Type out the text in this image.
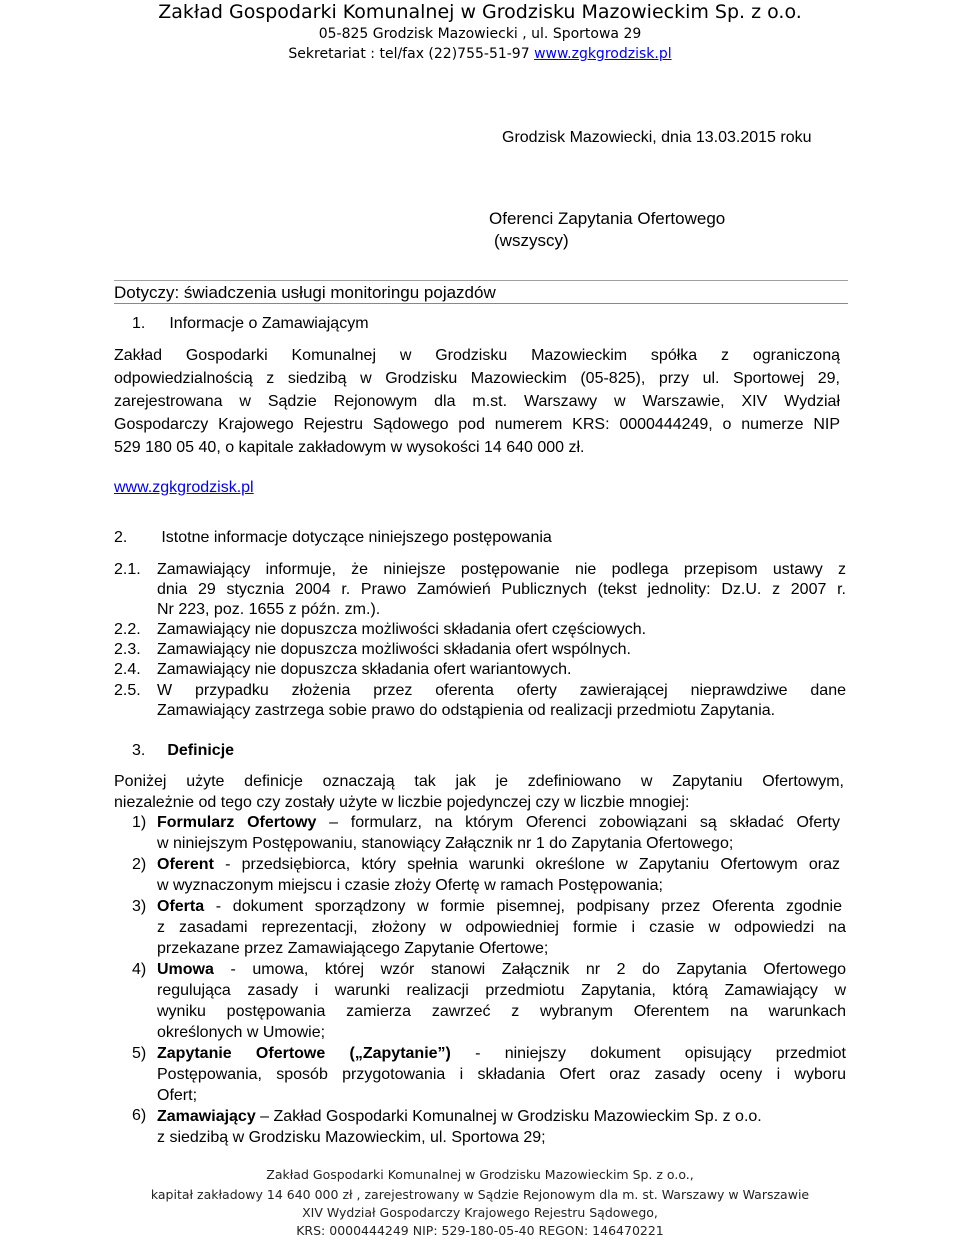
Zakład Gospodarki Komunalnej w Grodzisku Mazowieckim Sp. z o.o.
05-825 Grodzisk Mazowiecki , ul. Sportowa 29
Sekretariat : tel/fax (22)755-51-97 www.zgkgrodzisk.pl
Grodzisk Mazowiecki, dnia 13.03.2015 roku
Oferenci Zapytania Ofertowego
(wszyscy)
Dotyczy: świadczenia usługi monitoringu pojazdów
1. Informacje o Zamawiającym
Zakład Gospodarki Komunalnej w Grodzisku Mazowieckim spółka z ograniczoną
odpowiedzialnością z siedzibą w Grodzisku Mazowieckim (05-825), przy ul. Sportowej 29,
zarejestrowana w Sądzie Rejonowym dla m.st. Warszawy w Warszawie, XIV Wydział
Gospodarczy Krajowego Rejestru Sądowego pod numerem KRS: 0000444249, o numerze NIP
529 180 05 40, o kapitale zakładowym w wysokości 14 640 000 zł.
www.zgkgrodzisk.pl
2. Istotne informacje dotyczące niniejszego postępowania
2.1. Zamawiający informuje, że niniejsze postępowanie nie podlega przepisom ustawy z
dnia 29 stycznia 2004 r. Prawo Zamówień Publicznych (tekst jednolity: Dz.U. z 2007 r.
Nr 223, poz. 1655 z późn. zm.).
2.2. Zamawiający nie dopuszcza możliwości składania ofert częściowych.
2.3. Zamawiający nie dopuszcza możliwości składania ofert wspólnych.
2.4. Zamawiający nie dopuszcza składania ofert wariantowych.
2.5. W przypadku złożenia przez oferenta oferty zawierającej nieprawdziwe dane
Zamawiający zastrzega sobie prawo do odstąpienia od realizacji przedmiotu Zapytania.
3. Definicje
Poniżej użyte definicje oznaczają tak jak je zdefiniowano w Zapytaniu Ofertowym,
niezależnie od tego czy zostały użyte w liczbie pojedynczej czy w liczbie mnogiej:
1) Formularz Ofertowy – formularz, na którym Oferenci zobowiązani są składać Oferty
w niniejszym Postępowaniu, stanowiący Załącznik nr 1 do Zapytania Ofertowego;
2) Oferent - przedsiębiorca, który spełnia warunki określone w Zapytaniu Ofertowym oraz
w wyznaczonym miejscu i czasie złoży Ofertę w ramach Postępowania;
3) Oferta - dokument sporządzony w formie pisemnej, podpisany przez Oferenta zgodnie
z zasadami reprezentacji, złożony w odpowiedniej formie i czasie w odpowiedzi na
przekazane przez Zamawiającego Zapytanie Ofertowe;
4) Umowa - umowa, której wzór stanowi Załącznik nr 2 do Zapytania Ofertowego
regulująca zasady i warunki realizacji przedmiotu Zapytania, którą Zamawiający w
wyniku postępowania zamierza zawrzeć z wybranym Oferentem na warunkach
określonych w Umowie;
5) Zapytanie Ofertowe („Zapytanie”) - niniejszy dokument opisujący przedmiot
Postępowania, sposób przygotowania i składania Ofert oraz zasady oceny i wyboru
Ofert;
6) Zamawiający – Zakład Gospodarki Komunalnej w Grodzisku Mazowieckim Sp. z o.o.
z siedzibą w Grodzisku Mazowieckim, ul. Sportowa 29;
Zakład Gospodarki Komunalnej w Grodzisku Mazowieckim Sp. z o.o.,
kapitał zakładowy 14 640 000 zł , zarejestrowany w Sądzie Rejonowym dla m. st. Warszawy w Warszawie
XIV Wydział Gospodarczy Krajowego Rejestru Sądowego,
KRS: 0000444249 NIP: 529-180-05-40 REGON: 146470221
